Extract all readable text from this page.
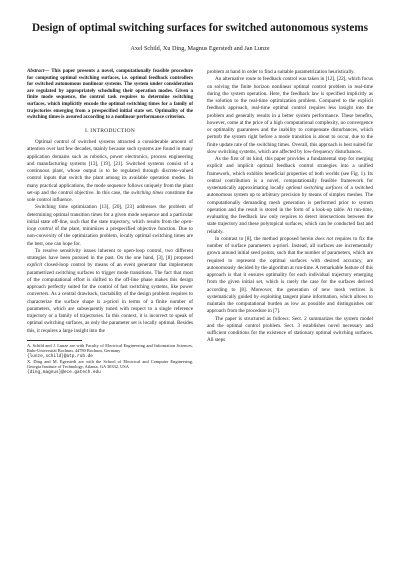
Design of optimal switching surfaces for switched autonomous systems
Axel Schild, Xu Ding, Magnus Egerstedt and Jan Lunze
Abstract— This paper presents a novel, computationally feasible procedure for computing optimal switching surfaces, i.e. optimal feedback controllers for switched autonomous nonlinear systems. The system under consideration are regulated by appropriately scheduling their operation modes. Given a finite mode sequence, the control task requires to determine switching surfaces, which implicitly encode the optimal switching times for a family of trajectories emerging from a prespecified initial state set. Optimality of the switching times is assured according to a nonlinear performance criterion.
I. INTRODUCTION

Optimal control of switched systems attracted a considerable amount of attention over last few decades, mainly because such systems are found in many application domains such as robotics, power electronics, process engineering and manufacturing systems [13], [19], [21]. Switched systems consist of a continuous plant, whose output is to be regulated through discrete-valued control inputs that switch the plant among its available operation modes. In many practical applications, the mode sequence follows uniquely from the plant set-up and the control objective. In this case, the switching times constitute the sole control influence.

Switching time optimization [13], [20], [23] addresses the problem of determining optimal transition times for a given mode sequence and a particular initial state off-line, such that the state trajectory, which results from the open-loop control of the plant, minimizes a prespecified objective function. Due to non-convexity of the optimization problem, locally optimal switching times are the best, one can hope for.

To resolve sensitivity issues inherent to open-loop control, two different strategies have been pursued in the past. On the one hand, [3], [8] proposed explicit closed-loop control by means of an event generator that implements parametrized switching surfaces to trigger mode transitions. The fact that most of the computational effort is shifted to the off-line phase makes this design approach perfectly suited for the control of fast switching systems, like power converters. As a central drawback, tractability of the design problem requires to characterize the surface shape is a-priori in terms of a finite number of parameters, which are subsequently tuned with respect to a single reference trajectory or a family of trajectories. In this context, it is incorrect to speak of optimal switching surfaces, as only the parameter set is locally optimal. Besides this, it requires a large insight into the

A. Schild and J. Lunze are with Faculty of Electrical Engineering and Information Sciences, Ruhr-Universität Bochum, 44780 Bochum, Germany

{lunze,schild}@atp.rub.de

X. Ding and M. Egerstedt are with the School of Electrical and Computer Engineering, Georgia Institute of Technology, Atlanta, GA 30332, USA

{ding,magnus}@ece.gatech.edu

problem at hand in order to find a suitable parametrization heuristically.

An alternative route to feedback control was taken in [12], [22], which focus on solving the finite horizon nonlinear optimal control problem in real-time during the system operation. Here, the feedback law is specified implicitly as the solution to the real-time optimization problem. Compared to the explicit feedback approach, real-time optimal control requires less insight into the problem and generally results in a better system performance. These benefits, however, come at the price of a high computational complexity, no convergence or optimality guarantees and the inability to compensate disturbances, which perturb the system right before a mode transition is about to occur, due to the finite update rate of the switching times. Overall, this approach is best suited for slow switching systems, which are affected by low-frequency disturbances.

As the first of its kind, this paper provides a fundamental step for merging explicit and implicit optimal feedback control strategies into a unified framework, which exhibits beneficial properties of both worlds (see Fig. 1). Its central contribution is a novel, computationally feasible framework for systematically approximating locally optimal switching surfaces of a switched autonomous system up to arbitrary precision by means of simplex meshes. The computationally demanding mesh generation is performed prior to system operation and the result is stored in the form of a look-up table. At run-time, evaluating the feedback law only requires to detect intersections between the state trajectory and these polytopical surfaces, which can be conducted fast and reliably.

In contrast to [8], the method proposed herein does not requires to fix the number of surface parameters a-priori. Instead, all surfaces are incrementally grown around initial seed points, such that the number of parameters, which are required to represent the optimal surfaces with desired accuracy, are autonomously decided by the algorithm at run-time. A remarkable feature of this approach is that it ensures optimality for each individual trajectory emerging from the given initial set, which is rarely the case for the surfaces derived according to [8]. Moreover, the generation of new mesh vertices is systematically guided by exploiting tangent plane information, which allows to maintain the computational burden as low as possible and distinguishes our approach from the procedure in [7].

The paper is structured as follows: Sect. 2 summarizes the system model and the optimal control problem. Sect. 3 establishes novel necessary and sufficient conditions for the existence of stationary optimal switching surfaces. All steps
